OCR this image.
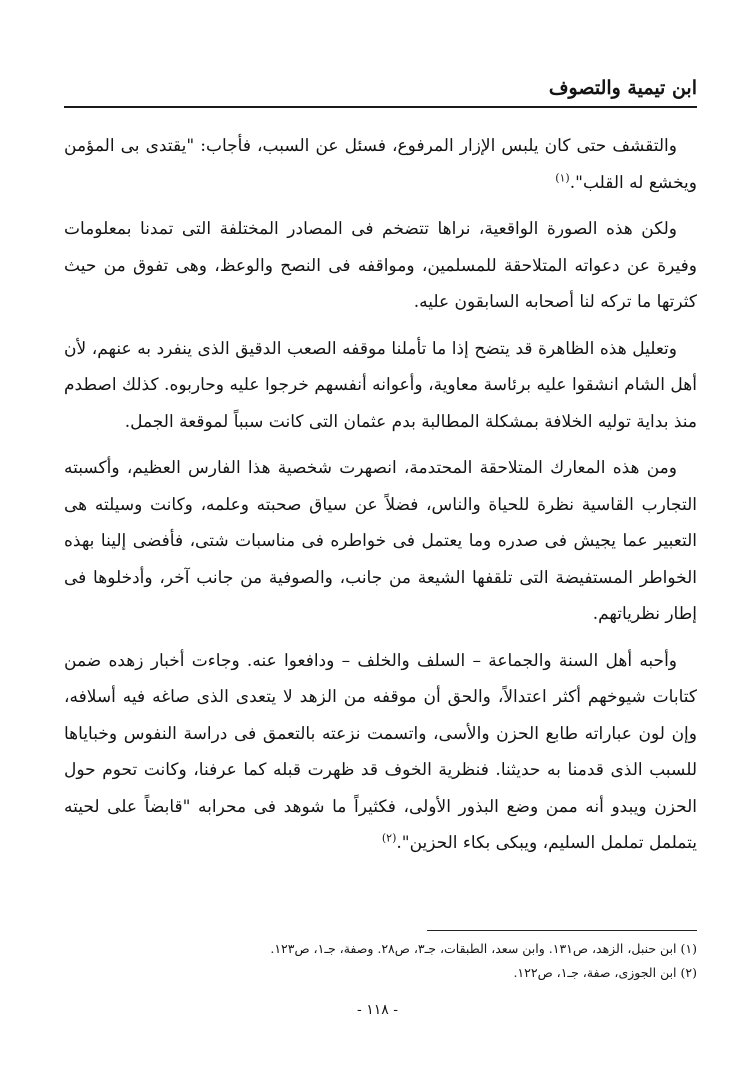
ابن تيمية والتصوف

والتقشف حتى كان يلبس الإزار المرفوع، فسئل عن السبب، فأجاب: "يقتدى بى المؤمن ويخشع له القلب".$^{(١)}$

ولكن هذه الصورة الواقعية، نراها تتضخم فى المصادر المختلفة التى تمدنا بمعلومات وفيرة عن دعواته المتلاحقة للمسلمين، ومواقفه فى النصح والوعظ، وهى تفوق من حيث كثرتها ما تركه لنا أصحابه السابقون عليه.

وتعليل هذه الظاهرة قد يتضح إذا ما تأملنا موقفه الصعب الدقيق الذى ينفرد به عنهم، لأن أهل الشام انشقوا عليه برئاسة معاوية، وأعوانه أنفسهم خرجوا عليه وحاربوه. كذلك اصطدم منذ بداية توليه الخلافة بمشكلة المطالبة بدم عثمان التى كانت سبباً لموقعة الجمل.

ومن هذه المعارك المتلاحقة المحتدمة، انصهرت شخصية هذا الفارس العظيم، وأكسبته التجارب القاسية نظرة للحياة والناس، فضلاً عن سياق صحبته وعلمه، وكانت وسيلته هى التعبير عما يجيش فى صدره وما يعتمل فى خواطره فى مناسبات شتى، فأفضى إلينا بهذه الخواطر المستفيضة التى تلقفها الشيعة من جانب، والصوفية من جانب آخر، وأدخلوها فى إطار نظرياتهم.

وأحبه أهل السنة والجماعة – السلف والخلف – ودافعوا عنه. وجاءت أخبار زهده ضمن كتابات شيوخهم أكثر اعتدالاً، والحق أن موقفه من الزهد لا يتعدى الذى صاغه فيه أسلافه، وإن لون عباراته طابع الحزن والأسى، واتسمت نزعته بالتعمق فى دراسة النفوس وخباياها للسبب الذى قدمنا به حديثنا. فنظرية الخوف قد ظهرت قبله كما عرفنا، وكانت تحوم حول الحزن ويبدو أنه ممن وضع البذور الأولى، فكثيراً ما شوهد فى محرابه "قابضاً على لحيته يتململ تململ السليم، ويبكى بكاء الحزين".$^{(٢)}$

(١) ابن حنبل، الزهد، ص١٣١. وابن سعد، الطبقات، جـ٣، ص٢٨. وصفة، جـ١، ص١٢٣.
(٢) ابن الجوزى، صفة، جـ١، ص١٢٢.
- ١١٨ -
